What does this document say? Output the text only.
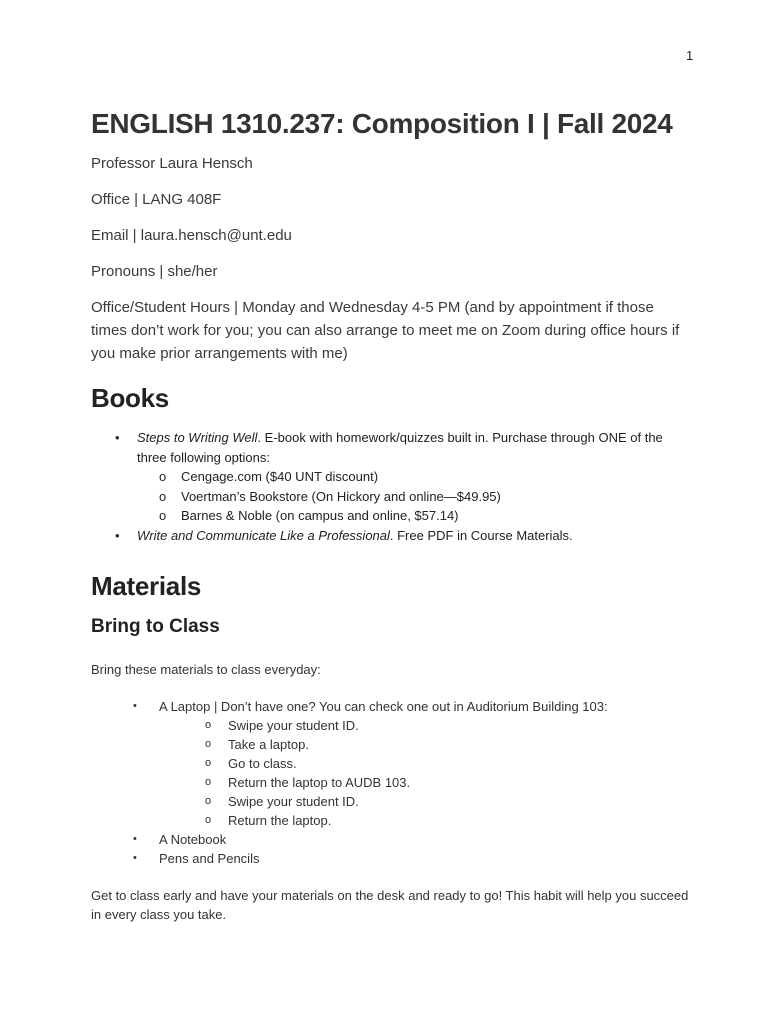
1
ENGLISH 1310.237: Composition I | Fall 2024

Professor Laura Hensch

Office | LANG 408F

Email | laura.hensch@unt.edu

Pronouns | she/her

Office/Student Hours | Monday and Wednesday 4-5 PM (and by appointment if those times don’t work for you; you can also arrange to meet me on Zoom during office hours if you make prior arrangements with me)

Books
• Steps to Writing Well. E-book with homework/quizzes built in. Purchase through ONE of the three following options:
o Cengage.com ($40 UNT discount)
o Voertman’s Bookstore (On Hickory and online—$49.95)
o Barnes & Noble (on campus and online, $57.14)
• Write and Communicate Like a Professional. Free PDF in Course Materials.
Materials
Bring to Class

Bring these materials to class everyday:

• A Laptop | Don’t have one? You can check one out in Auditorium Building 103:
o Swipe your student ID.
o Take a laptop.
o Go to class.
o Return the laptop to AUDB 103.
o Swipe your student ID.
o Return the laptop.
• A Notebook
• Pens and Pencils

Get to class early and have your materials on the desk and ready to go! This habit will help you succeed in every class you take.
